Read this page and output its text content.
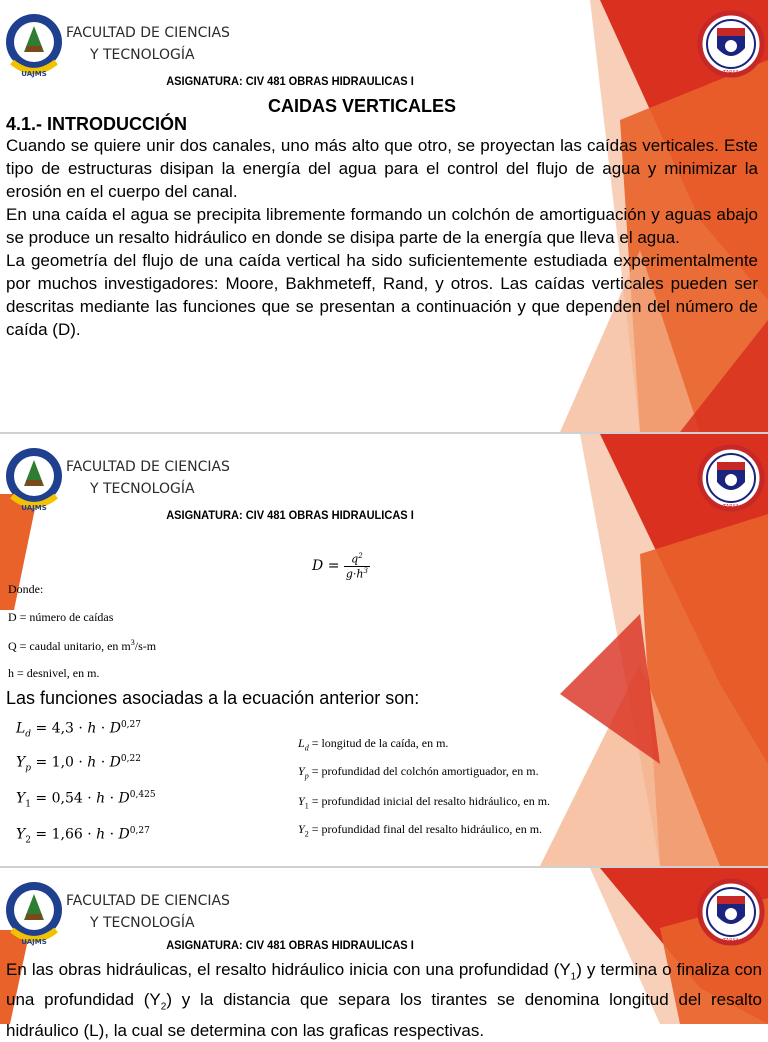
UAJMS
FACULTAD DE CIENCIAS
Y TECNOLOGÍA
TARIJA
ASIGNATURA: CIV 481 OBRAS HIDRAULICAS I
CAIDAS VERTICALES
4.1.- INTRODUCCIÓN

Cuando se quiere unir dos canales, uno más alto que otro, se proyectan las caídas verticales. Este tipo de estructuras disipan la energía del agua para el control del flujo de agua y minimizar la erosión en el cuerpo del canal.

En una caída el agua se precipita libremente formando un colchón de amortiguación y aguas abajo se produce un resalto hidráulico en donde se disipa parte de la energía que lleva el agua.

La geometría del flujo de una caída vertical ha sido suficientemente estudiada experimentalmente por muchos investigadores: Moore, Bakhmeteff, Rand, y otros. Las caídas verticales pueden ser descritas mediante las funciones que se presentan a continuación y que dependen del número de caída (D).

UAJMS
FACULTAD DE CIENCIAS
Y TECNOLOGÍA
TARIJA
ASIGNATURA: CIV 481 OBRAS HIDRAULICAS I
$D = \frac{q^2}{g\cdot h^3}$
Donde:
D = número de caídas
Q = caudal unitario, en $m^3/s-m$
h = desnivel, en m.
Las funciones asociadas a la ecuación anterior son:
$L_d = 4,3 \cdot h \cdot D^{0,27}$
$Y_p = 1,0 \cdot h \cdot D^{0,22}$
$Y_1 = 0,54 \cdot h \cdot D^{0,425}$
$Y_2 = 1,66 \cdot h \cdot D^{0,27}$
$L_d$ = longitud de la caída, en m.
$Y_p$ = profundidad del colchón amortiguador, en m.
$Y_1$ = profundidad inicial del resalto hidráulico, en m.
$Y_2$ = profundidad final del resalto hidráulico, en m.
UAJMS
FACULTAD DE CIENCIAS
Y TECNOLOGÍA
TARIJA
ASIGNATURA: CIV 481 OBRAS HIDRAULICAS I
En las obras hidráulicas, el resalto hidráulico inicia con una profundidad $(Y_1)$ y termina o finaliza con una profundidad $(Y_2)$ y la distancia que separa los tirantes se denomina longitud del resalto hidráulico (L), la cual se determina con las graficas respectivas.
